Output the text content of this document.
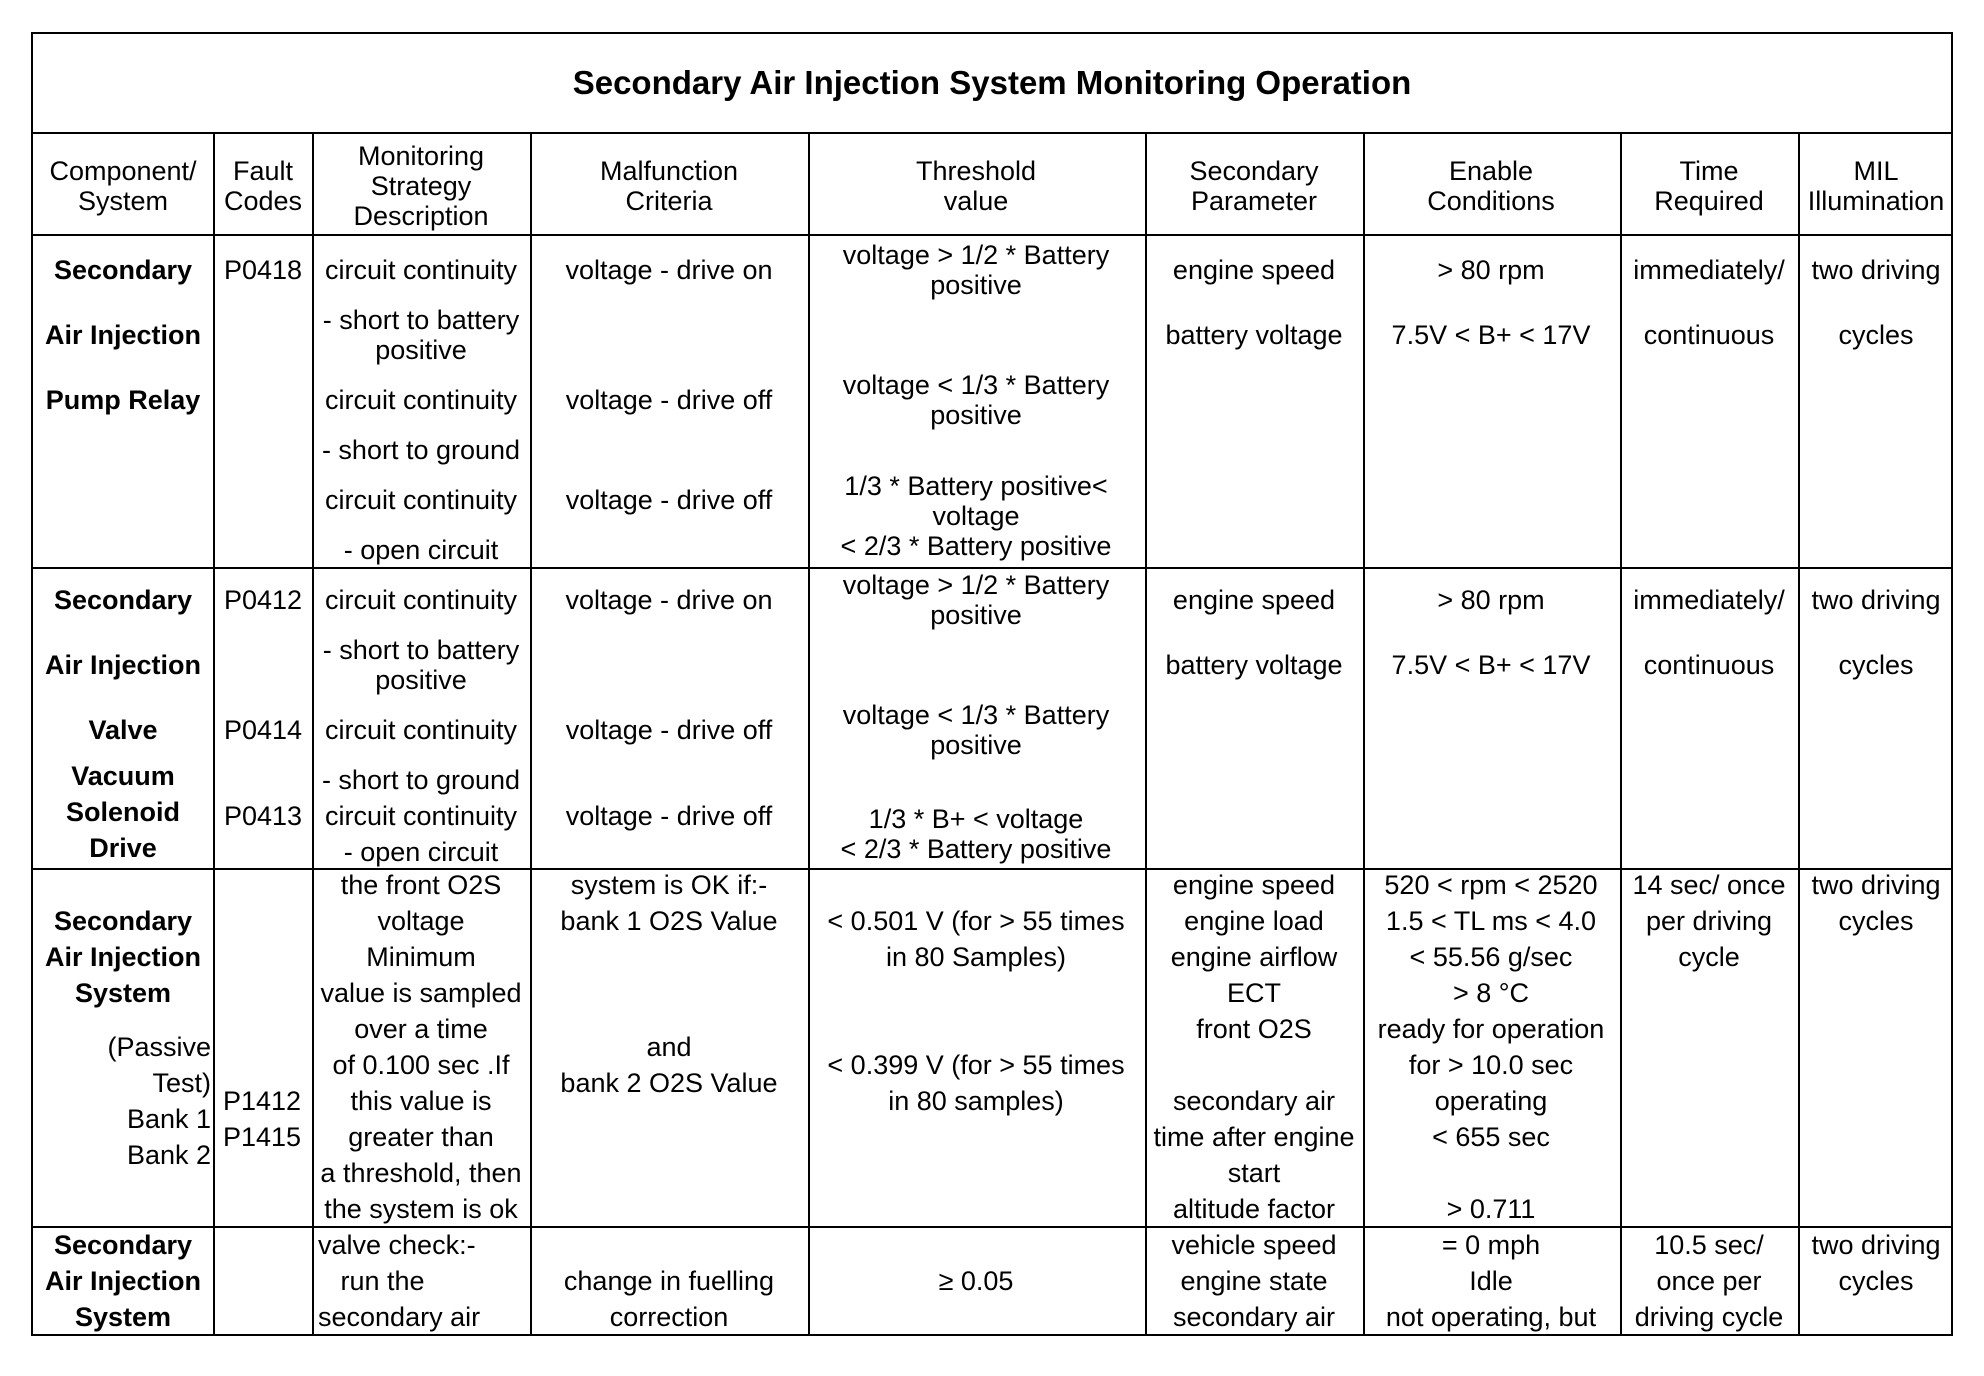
Secondary Air Injection System Monitoring Operation
Component/
System
Fault
Codes
Monitoring
Strategy
Description
Malfunction
Criteria
Threshold
value
Secondary
Parameter
Enable
Conditions
Time
Required
MIL
Illumination
Secondary
Air Injection
Pump Relay
P0418 circuit continuity
- short to battery
positive
circuit continuity
- short to ground
circuit continuity
- open circuit
voltage - drive on
voltage - drive off
voltage - drive off
voltage > 1/2 * Battery
positive
voltage < 1/3 * Battery
positive
1/3 * Battery positive<
voltage
< 2/3 * Battery positive
engine speed
battery voltage
> 80 rpm
7.5V < B+ < 17V
immediately/
continuous
two driving
cycles
Secondary
Air Injection
Valve
Vacuum
Solenoid
Drive
P0412
P0414
P0413
circuit continuity
- short to battery
positive
circuit continuity
- short to ground
circuit continuity
- open circuit
voltage - drive on
voltage - drive off
voltage - drive off
voltage > 1/2 * Battery
positive
voltage < 1/3 * Battery
positive
1/3 * B+ < voltage
< 2/3 * Battery positive
engine speed
battery voltage
> 80 rpm
7.5V < B+ < 17V
immediately/
continuous
two driving
cycles
Secondary
Air Injection
System
(Passive
Test)
Bank 1
Bank 2
P1412
P1415
the front O2S
voltage
Minimum
value is sampled
over a time
of 0.100 sec .If
this value is
greater than
a threshold, then
the system is ok
system is OK if:-
bank 1 O2S Value
and
bank 2 O2S Value
< 0.501 V (for > 55 times
in 80 Samples)
< 0.399 V (for > 55 times
in 80 samples)
engine speed
engine load
engine airflow
ECT
front O2S

secondary air
time after engine
start
altitude factor
520 < rpm < 2520
1.5 < TL ms < 4.0
< 55.56 g/sec
> 8 °C
ready for operation
for > 10.0 sec
operating
< 655 sec

> 0.711
14 sec/ once
per driving
cycle
two driving
cycles
Secondary
Air Injection
System
valve check:-
run the
secondary air
change in fuelling
correction
≥ 0.05
vehicle speed
engine state
secondary air
= 0 mph
Idle
not operating, but
10.5 sec/
once per
driving cycle
two driving
cycles
